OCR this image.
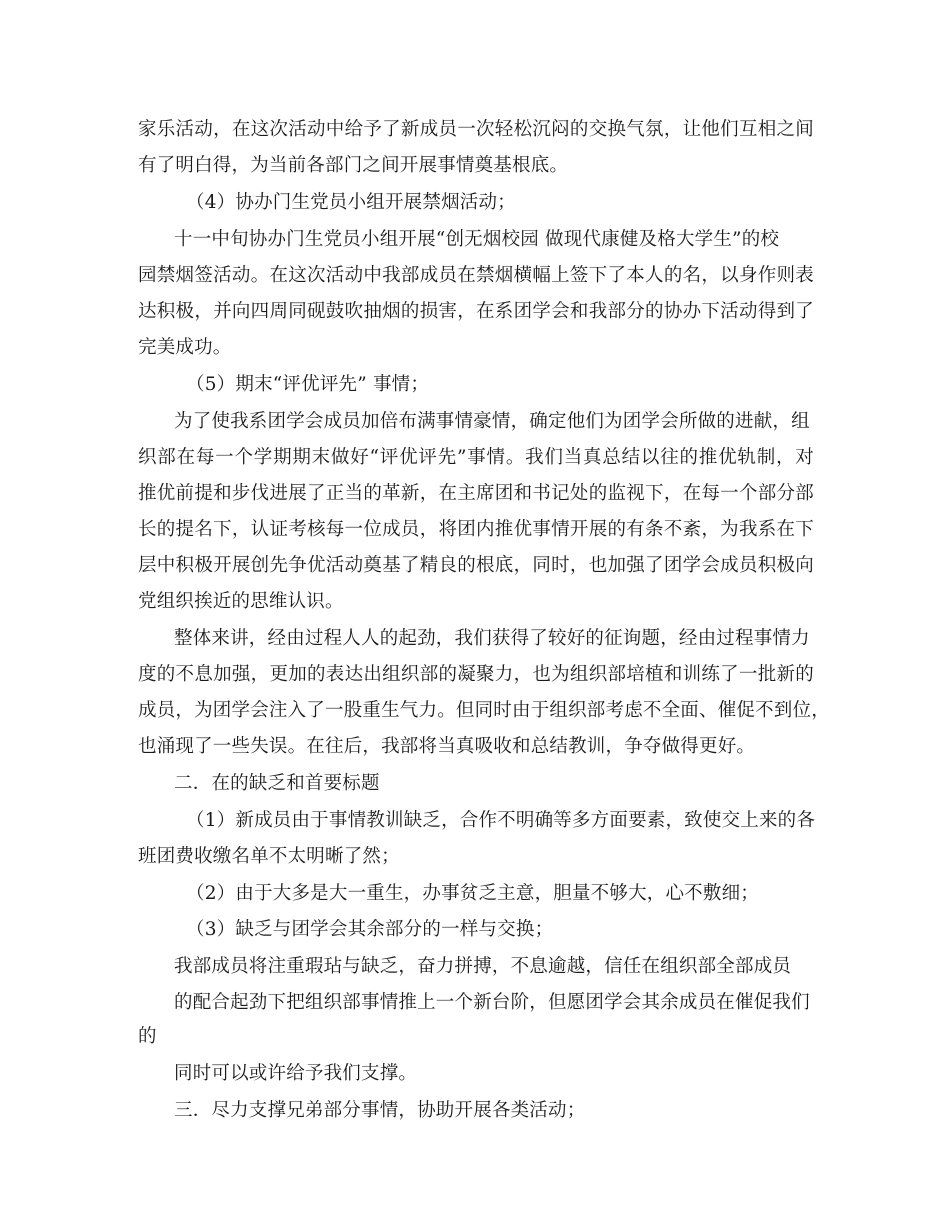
家乐活动，在这次活动中给予了新成员一次轻松沉闷的交换气氛，让他们互相之间

有了明白得，为当前各部门之间开展事情奠基根底。

（4）协办门生党员小组开展禁烟活动；

十一中旬协办门生党员小组开展“创无烟校园 做现代康健及格大学生”的校

园禁烟签活动。在这次活动中我部成员在禁烟横幅上签下了本人的名，以身作则表

达积极，并向四周同砚鼓吹抽烟的损害，在系团学会和我部分的协办下活动得到了

完美成功。

（5）期末“评优评先” 事情；

为了使我系团学会成员加倍布满事情豪情，确定他们为团学会所做的进献，组

织部在每一个学期期末做好“评优评先”事情。我们当真总结以往的推优轨制，对

推优前提和步伐进展了正当的革新，在主席团和书记处的监视下，在每一个部分部

长的提名下，认证考核每一位成员，将团内推优事情开展的有条不紊，为我系在下

层中积极开展创先争优活动奠基了精良的根底，同时，也加强了团学会成员积极向

党组织挨近的思维认识。

整体来讲，经由过程人人的起劲，我们获得了较好的征询题，经由过程事情力

度的不息加强，更加的表达出组织部的凝聚力，也为组织部培植和训练了一批新的

成员，为团学会注入了一股重生气力。但同时由于组织部考虑不全面、催促不到位，

也涌现了一些失误。在往后，我部将当真吸收和总结教训，争夺做得更好。

二．在的缺乏和首要标题

（1）新成员由于事情教训缺乏，合作不明确等多方面要素，致使交上来的各

班团费收缴名单不太明晰了然；

（2）由于大多是大一重生，办事贫乏主意，胆量不够大，心不敷细；

（3）缺乏与团学会其余部分的一样与交换；

我部成员将注重瑕玷与缺乏，奋力拼搏，不息逾越，信任在组织部全部成员

的配合起劲下把组织部事情推上一个新台阶，但愿团学会其余成员在催促我们

的

同时可以或许给予我们支撑。

三．尽力支撑兄弟部分事情，协助开展各类活动；
